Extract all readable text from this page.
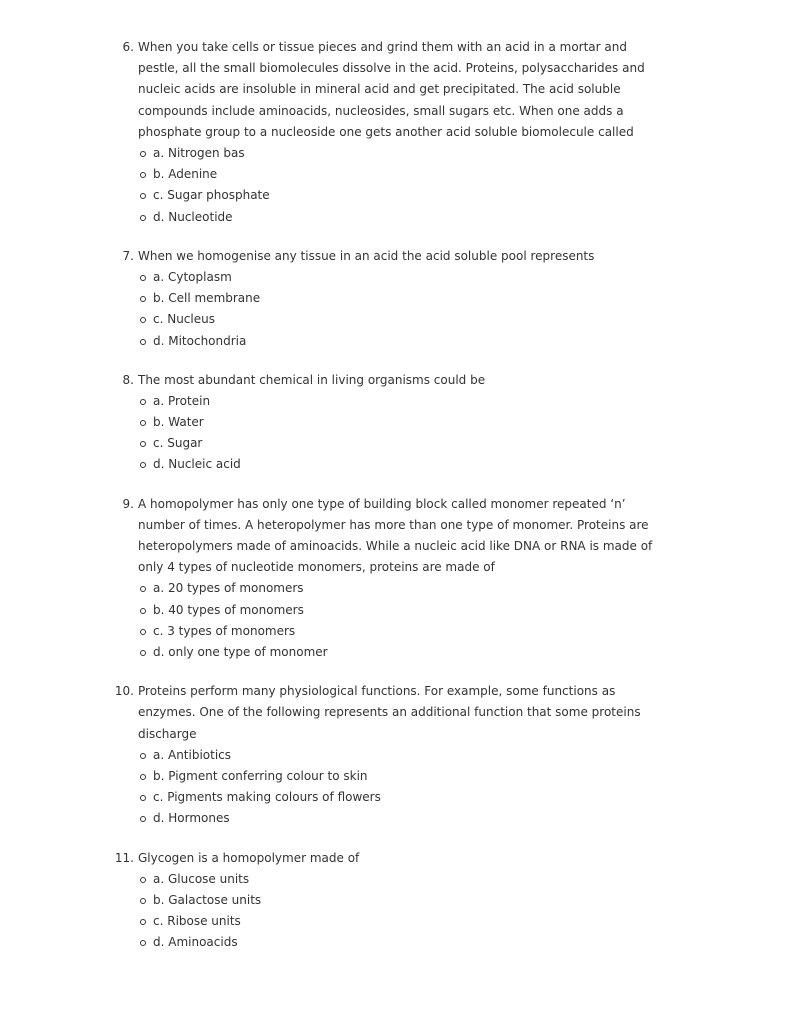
6. When you take cells or tissue pieces and grind them with an acid in a mortar and pestle, all the small biomolecules dissolve in the acid. Proteins, polysaccharides and nucleic acids are insoluble in mineral acid and get precipitated. The acid soluble compounds include aminoacids, nucleosides, small sugars etc. When one adds a phosphate group to a nucleoside one gets another acid soluble biomolecule called
a. Nitrogen bas
b. Adenine
c. Sugar phosphate
d. Nucleotide
7. When we homogenise any tissue in an acid the acid soluble pool represents
a. Cytoplasm
b. Cell membrane
c. Nucleus
d. Mitochondria
8. The most abundant chemical in living organisms could be
a. Protein
b. Water
c. Sugar
d. Nucleic acid
9. A homopolymer has only one type of building block called monomer repeated ‘n’ number of times. A heteropolymer has more than one type of monomer. Proteins are heteropolymers made of aminoacids. While a nucleic acid like DNA or RNA is made of only 4 types of nucleotide monomers, proteins are made of
a. 20 types of monomers
b. 40 types of monomers
c. 3 types of monomers
d. only one type of monomer
10. Proteins perform many physiological functions. For example, some functions as enzymes. One of the following represents an additional function that some proteins discharge
a. Antibiotics
b. Pigment conferring colour to skin
c. Pigments making colours of flowers
d. Hormones
11. Glycogen is a homopolymer made of
a. Glucose units
b. Galactose units
c. Ribose units
d. Aminoacids
